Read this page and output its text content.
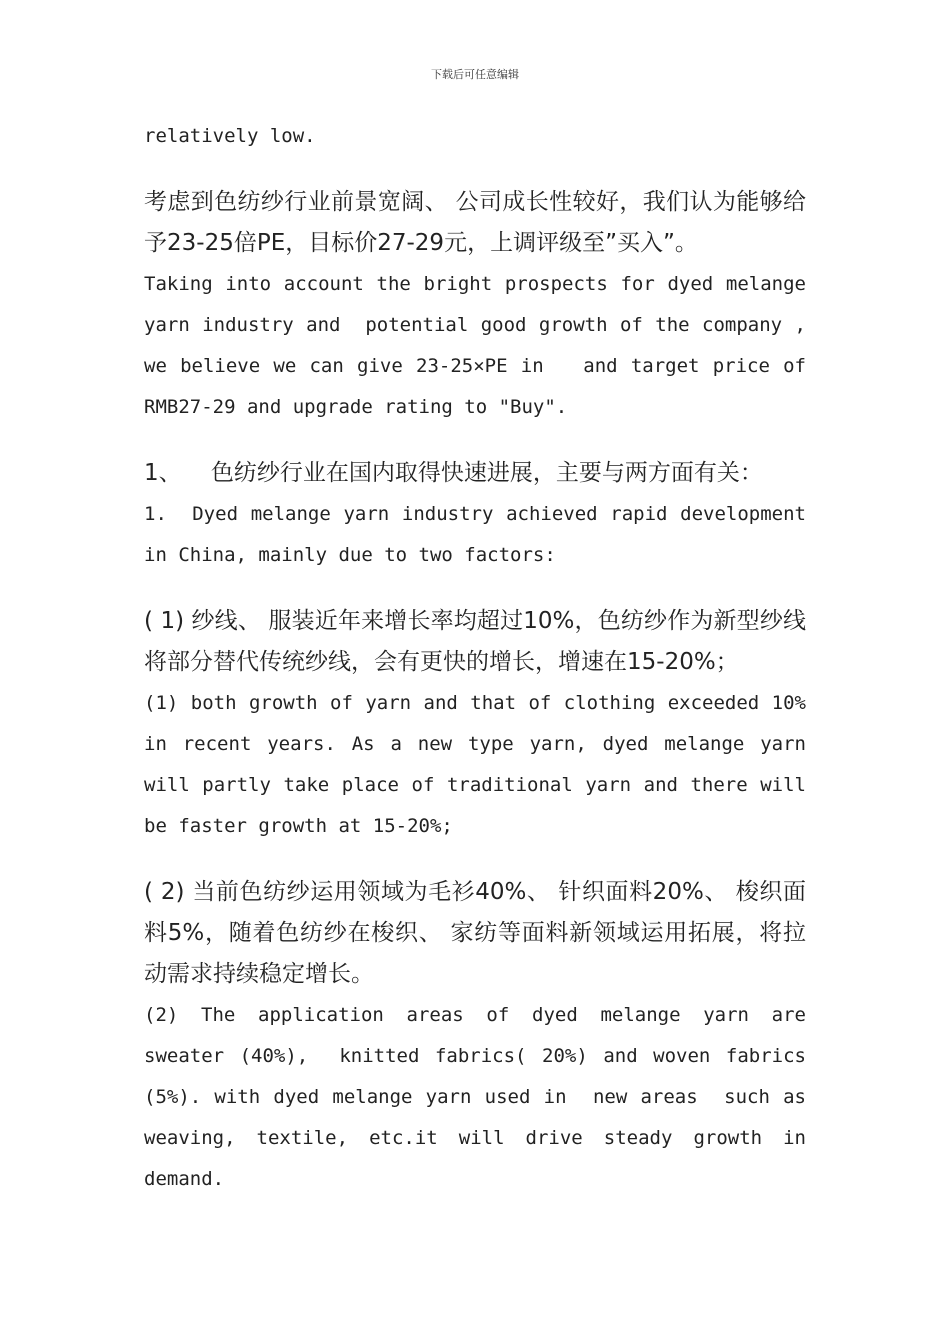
下载后可任意编辑

relatively low.

考虑到色纺纱行业前景宽阔、 公司成长性较好，我们认为能够给予23-25倍PE，目标价27-29元，上调评级至”买入”。

Taking into account the bright prospects for dyed melange yarn industry and  potential good growth of the company , we believe we can give 23-25×PE in   and target price of RMB27-29 and upgrade rating to "Buy".

1、    色纺纱行业在国内取得快速进展，主要与两方面有关：

1.  Dyed melange yarn industry achieved rapid development in China, mainly due to two factors:

( 1) 纱线、 服装近年来增长率均超过10%，色纺纱作为新型纱线将部分替代传统纱线，会有更快的增长，增速在15-20%；

(1) both growth of yarn and that of clothing exceeded 10% in recent years. As a new type yarn, dyed melange yarn will partly take place of traditional yarn and there will be faster growth at 15-20%;

( 2) 当前色纺纱运用领域为毛衫40%、 针织面料20%、 梭织面料5%，随着色纺纱在梭织、 家纺等面料新领域运用拓展，将拉动需求持续稳定增长。

(2) The application areas of dyed melange yarn are sweater (40%),  knitted fabrics( 20%) and woven fabrics (5%). with dyed melange yarn used in  new areas  such as weaving, textile, etc.it will drive steady growth in demand.
